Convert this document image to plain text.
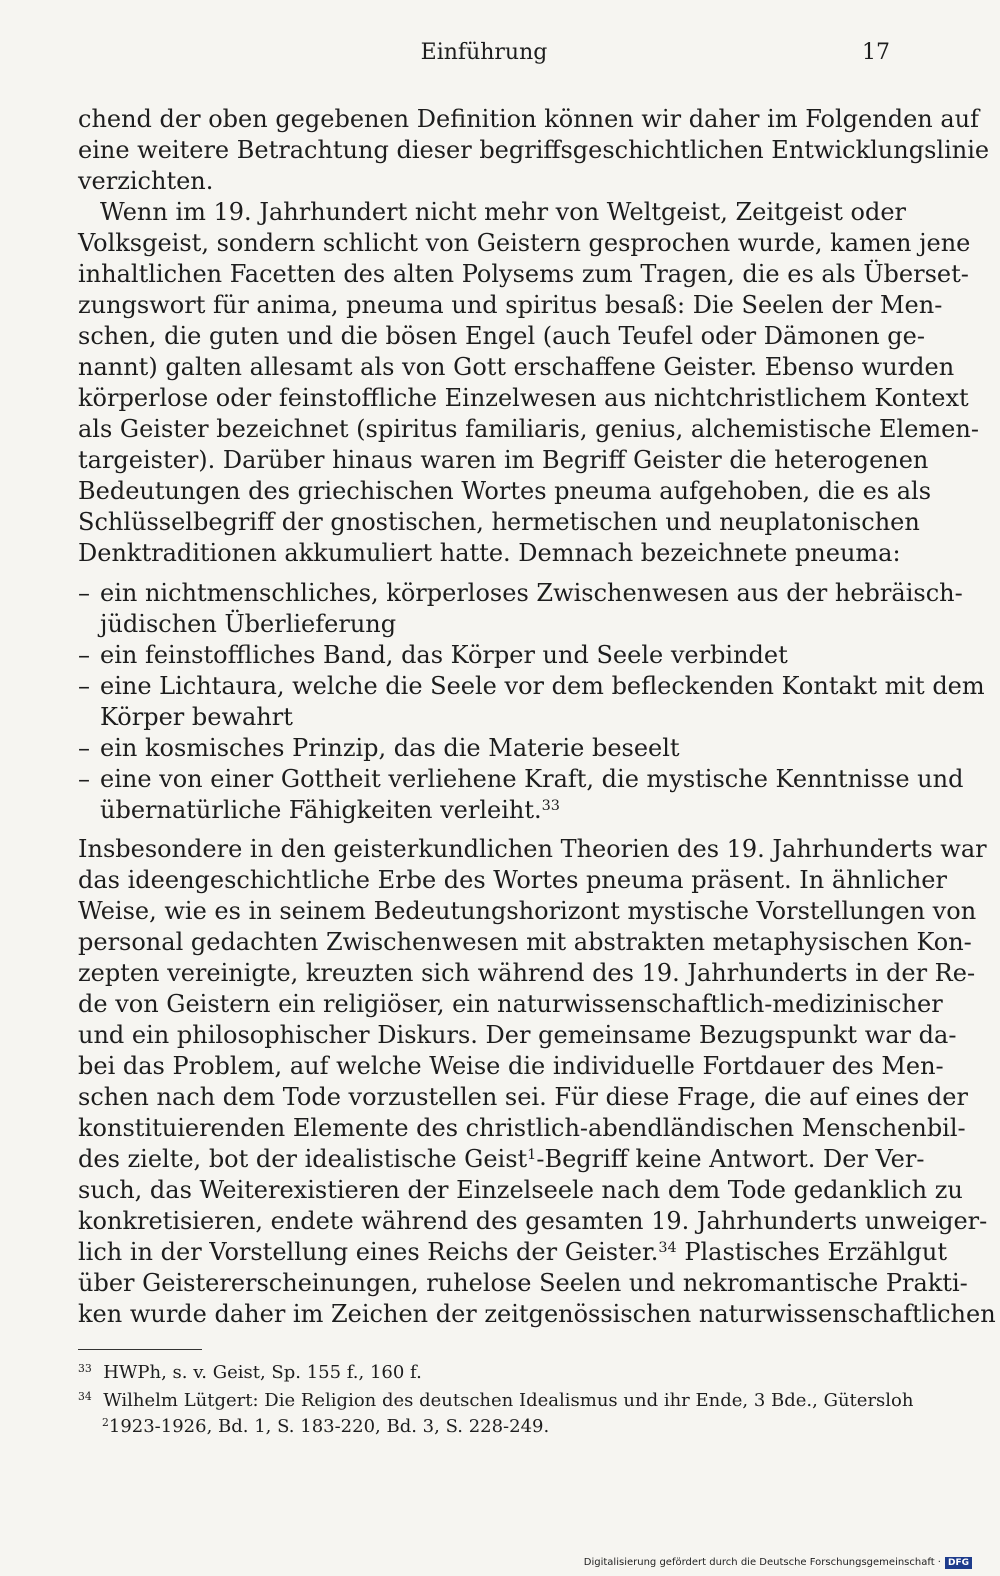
Einführung	17
chend der oben gegebenen Definition können wir daher im Folgenden auf
eine weitere Betrachtung dieser begriffsgeschichtlichen Entwicklungslinie
verzichten.
Wenn im 19. Jahrhundert nicht mehr von Weltgeist, Zeitgeist oder
Volksgeist, sondern schlicht von Geistern gesprochen wurde, kamen jene
inhaltlichen Facetten des alten Polysems zum Tragen, die es als Überset-
zungswort für anima, pneuma und spiritus besaß: Die Seelen der Men-
schen, die guten und die bösen Engel (auch Teufel oder Dämonen ge-
nannt) galten allesamt als von Gott erschaffene Geister. Ebenso wurden
körperlose oder feinstoffliche Einzelwesen aus nichtchristlichem Kontext
als Geister bezeichnet (spiritus familiaris, genius, alchemistische Elemen-
targeister). Darüber hinaus waren im Begriff Geister die heterogenen
Bedeutungen des griechischen Wortes pneuma aufgehoben, die es als
Schlüsselbegriff der gnostischen, hermetischen und neuplatonischen
Denktraditionen akkumuliert hatte. Demnach bezeichnete pneuma:
– ein nichtmenschliches, körperloses Zwischenwesen aus der hebräisch-
jüdischen Überlieferung
– ein feinstoffliches Band, das Körper und Seele verbindet
– eine Lichtaura, welche die Seele vor dem befleckenden Kontakt mit dem
Körper bewahrt
– ein kosmisches Prinzip, das die Materie beseelt
– eine von einer Gottheit verliehene Kraft, die mystische Kenntnisse und
übernatürliche Fähigkeiten verleiht.$^{33}$
Insbesondere in den geisterkundlichen Theorien des 19. Jahrhunderts war
das ideengeschichtliche Erbe des Wortes pneuma präsent. In ähnlicher
Weise, wie es in seinem Bedeutungshorizont mystische Vorstellungen von
personal gedachten Zwischenwesen mit abstrakten metaphysischen Kon-
zepten vereinigte, kreuzten sich während des 19. Jahrhunderts in der Re-
de von Geistern ein religiöser, ein naturwissenschaftlich-medizinischer
und ein philosophischer Diskurs. Der gemeinsame Bezugspunkt war da-
bei das Problem, auf welche Weise die individuelle Fortdauer des Men-
schen nach dem Tode vorzustellen sei. Für diese Frage, die auf eines der
konstituierenden Elemente des christlich-abendländischen Menschenbil-
des zielte, bot der idealistische Geist$^1$-Begriff keine Antwort. Der Ver-
such, das Weiterexistieren der Einzelseele nach dem Tode gedanklich zu
konkretisieren, endete während des gesamten 19. Jahrhunderts unweiger-
lich in der Vorstellung eines Reichs der Geister.$^{34}$ Plastisches Erzählgut
über Geistererscheinungen, ruhelose Seelen und nekromantische Prakti-
ken wurde daher im Zeichen der zeitgenössischen naturwissenschaftlichen
$^{33}$ HWPh, s. v. Geist, Sp. 155 f., 160 f.
$^{34}$ Wilhelm Lütgert: Die Religion des deutschen Idealismus und ihr Ende, 3 Bde., Gütersloh
$^2$1923-1926, Bd. 1, S. 183-220, Bd. 3, S. 228-249.
Digitalisierung gefördert durch die Deutsche Forschungsgemeinschaft · DFG
